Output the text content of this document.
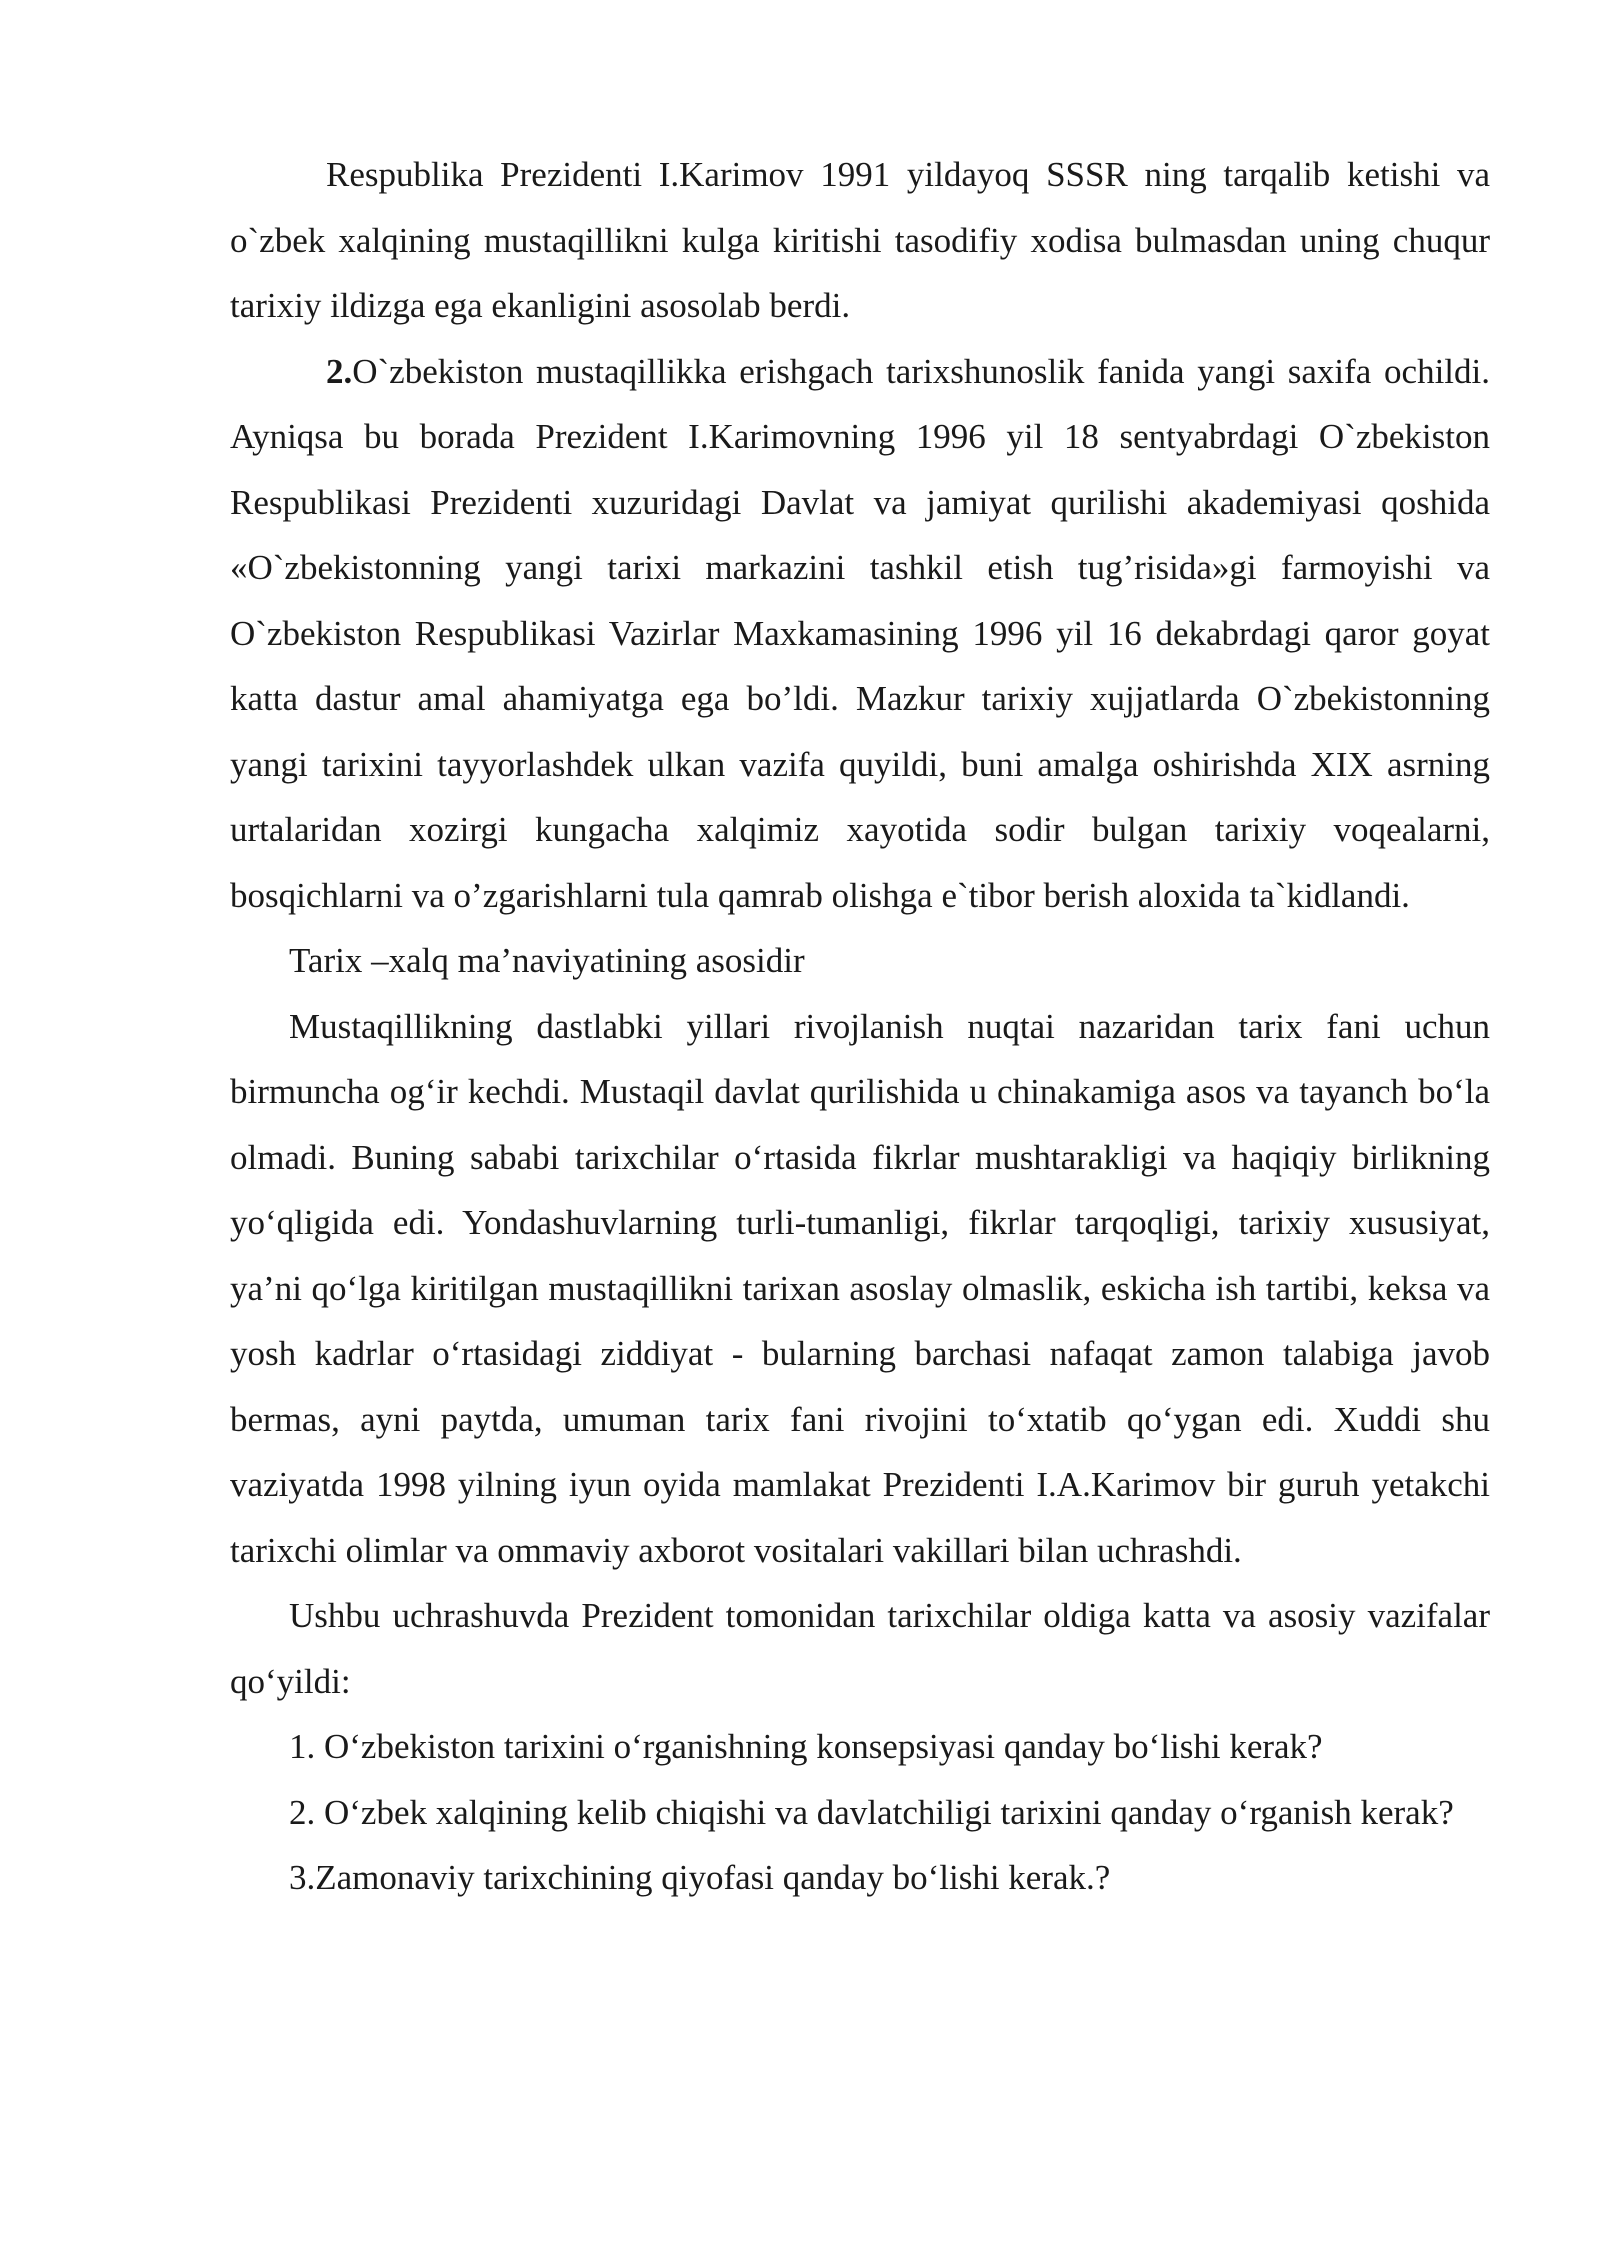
Respublika Prezidenti I.Karimov 1991 yildayoq SSSR ning tarqalib ketishi va o`zbek xalqining mustaqillikni kulga kiritishi tasodifiy xodisa bulmasdan uning chuqur tarixiy ildizga ega ekanligini asosolab berdi.

2.O`zbekiston mustaqillikka erishgach tarixshunoslik fanida yangi saxifa ochildi. Ayniqsa bu borada Prezident I.Karimovning 1996 yil 18 sentyabrdagi O`zbekiston Respublikasi Prezidenti xuzuridagi Davlat va jamiyat qurilishi akademiyasi qoshida «O`zbekistonning yangi tarixi markazini tashkil etish tug’risida»gi farmoyishi va O`zbekiston Respublikasi Vazirlar Maxkamasining 1996 yil 16 dekabrdagi qaror goyat katta dastur amal ahamiyatga ega bo’ldi. Mazkur tarixiy xujjatlarda O`zbekistonning yangi tarixini tayyorlashdek ulkan vazifa quyildi, buni amalga oshirishda XIX asrning urtalaridan xozirgi kungacha xalqimiz xayotida sodir bulgan tarixiy voqealarni, bosqichlarni va o’zgarishlarni tula qamrab olishga e`tibor berish aloxida ta`kidlandi.

Tarix –xalq ma’naviyatining asosidir

Mustaqillikning dastlabki yillari rivojlanish nuqtai nazaridan tarix fani uchun birmuncha og‘ir kechdi. Mustaqil davlat qurilishida u chinakamiga asos va tayanch bo‘la olmadi. Buning sababi tarixchilar o‘rtasida fikrlar mushtarakligi va haqiqiy birlikning yo‘qligida edi. Yondashuvlarning turli-tumanligi, fikrlar tarqoqligi, tarixiy xususiyat, ya’ni qo‘lga kiritilgan mustaqillikni tarixan asoslay olmaslik, eskicha ish tartibi, keksa va yosh kadrlar o‘rtasidagi ziddiyat - bularning barchasi nafaqat zamon talabiga javob bermas, ayni paytda, umuman tarix fani rivojini to‘xtatib qo‘ygan edi. Xuddi shu vaziyatda 1998 yilning iyun oyida mamlakat Prezidenti I.A.Karimov bir guruh yetakchi tarixchi olimlar va ommaviy axborot vositalari vakillari bilan uchrashdi.

Ushbu uchrashuvda Prezident tomonidan tarixchilar oldiga katta va asosiy vazifalar qo‘yildi:

1. O‘zbekiston tarixini o‘rganishning konsepsiyasi qanday bo‘lishi kerak?

2. O‘zbek xalqining kelib chiqishi va davlatchiligi tarixini qanday o‘rganish kerak?

3.Zamonaviy tarixchining qiyofasi qanday bo‘lishi kerak.?
